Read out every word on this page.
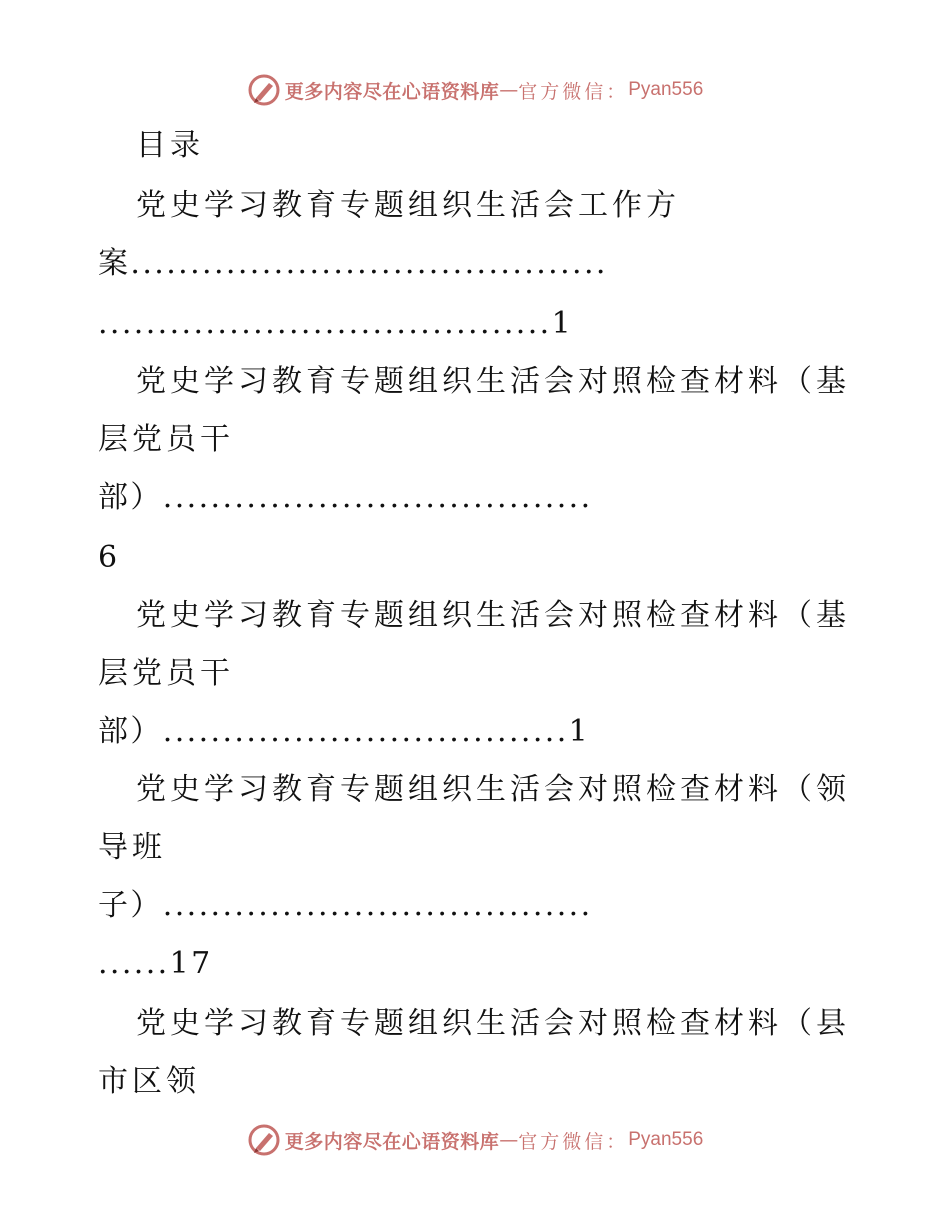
更多内容尽在心语资料库 — 官方微信： Pyan556
目录
党史学习教育专题组织生活会工作方
案........................................
......................................1
党史学习教育专题组织生活会对照检查材料（基
层党员干
部）....................................
6
党史学习教育专题组织生活会对照检查材料（基
层党员干
部）..................................1
党史学习教育专题组织生活会对照检查材料（领
导班
子）....................................
......17
党史学习教育专题组织生活会对照检查材料（县
市区领
更多内容尽在心语资料库 — 官方微信： Pyan556
